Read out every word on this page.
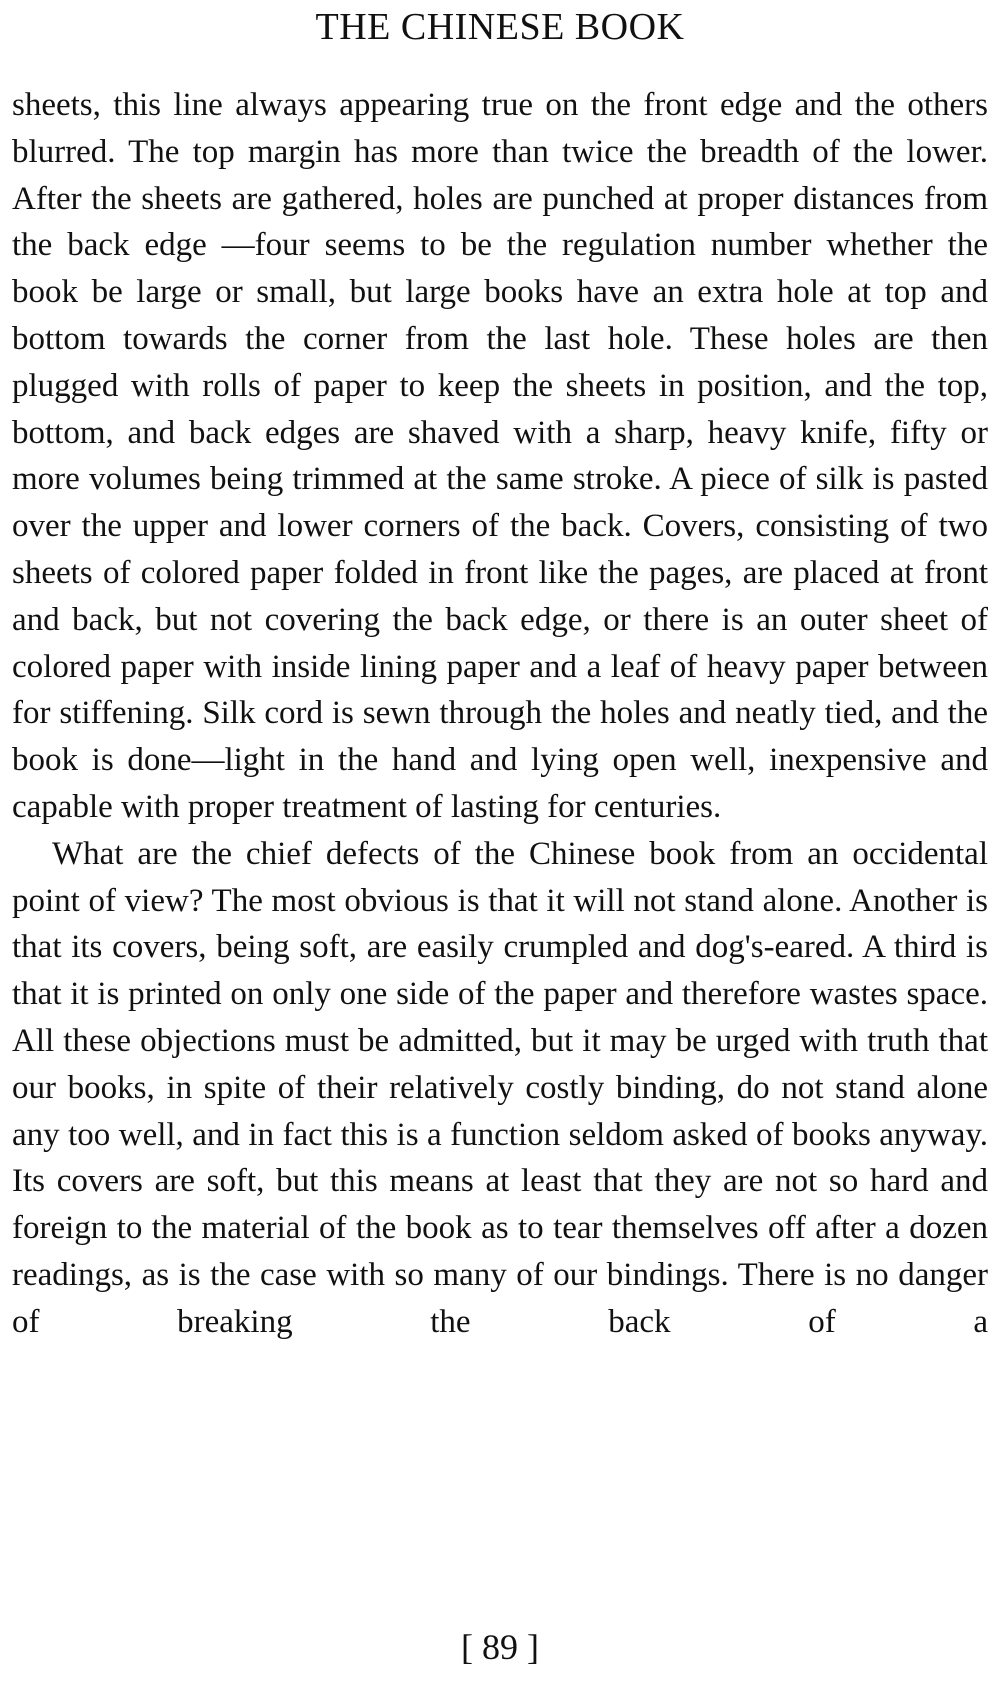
THE CHINESE BOOK

sheets, this line always appearing true on the front edge and the others blurred. The top margin has more than twice the breadth of the lower. After the sheets are gathered, holes are punched at proper distances from the back edge —four seems to be the regulation number whether the book be large or small, but large books have an extra hole at top and bottom towards the corner from the last hole. These holes are then plugged with rolls of paper to keep the sheets in position, and the top, bottom, and back edges are shaved with a sharp, heavy knife, fifty or more volumes being trimmed at the same stroke. A piece of silk is pasted over the upper and lower corners of the back. Covers, consisting of two sheets of colored paper folded in front like the pages, are placed at front and back, but not covering the back edge, or there is an outer sheet of colored paper with inside lining paper and a leaf of heavy paper between for stiffening. Silk cord is sewn through the holes and neatly tied, and the book is done—light in the hand and lying open well, inexpensive and capable with proper treatment of lasting for centuries.

What are the chief defects of the Chinese book from an occidental point of view? The most obvious is that it will not stand alone. Another is that its covers, being soft, are easily crumpled and dog's-eared. A third is that it is printed on only one side of the paper and therefore wastes space. All these objections must be admitted, but it may be urged with truth that our books, in spite of their relatively costly binding, do not stand alone any too well, and in fact this is a function seldom asked of books anyway. Its covers are soft, but this means at least that they are not so hard and foreign to the material of the book as to tear themselves off after a dozen readings, as is the case with so many of our bindings. There is no danger of breaking the back of a

[ 89 ]
